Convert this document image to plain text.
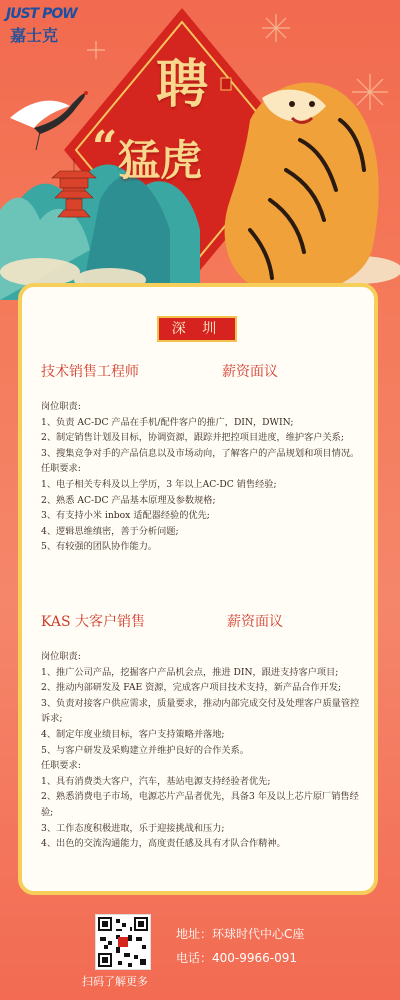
JUST POW
嘉士克
聘
“ 猛虎
深 圳
技术销售工程师	薪资面议
岗位职责:
1、负责 AC-DC 产品在手机/配件客户的推广，DIN，DWIN;
2、制定销售计划及目标，协调资源，跟踪并把控项目进度，维护客户关系;
3、搜集竞争对手的产品信息以及市场动向，了解客户的产品规划和项目情况。
任职要求:
1、电子相关专科及以上学历，3 年以上AC-DC 销售经验;
2、熟悉 AC-DC 产品基本原理及参数规格;
3、有支持小米 inbox 适配器经验的优先;
4、逻辑思维缜密，善于分析问题;
5、有较强的团队协作能力。
KAS 大客户销售	薪资面议
岗位职责:
1、推广公司产品，挖掘客户产品机会点，推进 DIN，跟进支持客户项目;
2、推动内部研发及 FAE 资源，完成客户项目技术支持，新产品合作开发;
3、负责对接客户供应需求，质量要求，推动内部完成交付及处理客户质量管控诉求;
4、制定年度业绩目标，客户支持策略并落地;
5、与客户研发及采购建立并维护良好的合作关系。
任职要求:
1、具有消费类大客户，汽车，基站电源支持经验者优先;
2、熟悉消费电子市场，电源芯片产品者优先，具备3 年及以上芯片原厂销售经验;
3、工作态度积极进取，乐于迎接挑战和压力;
4、出色的交流沟通能力，高度责任感及具有才队合作精神。
扫码了解更多
地址：环球时代中心C座
电话：400-9966-091
